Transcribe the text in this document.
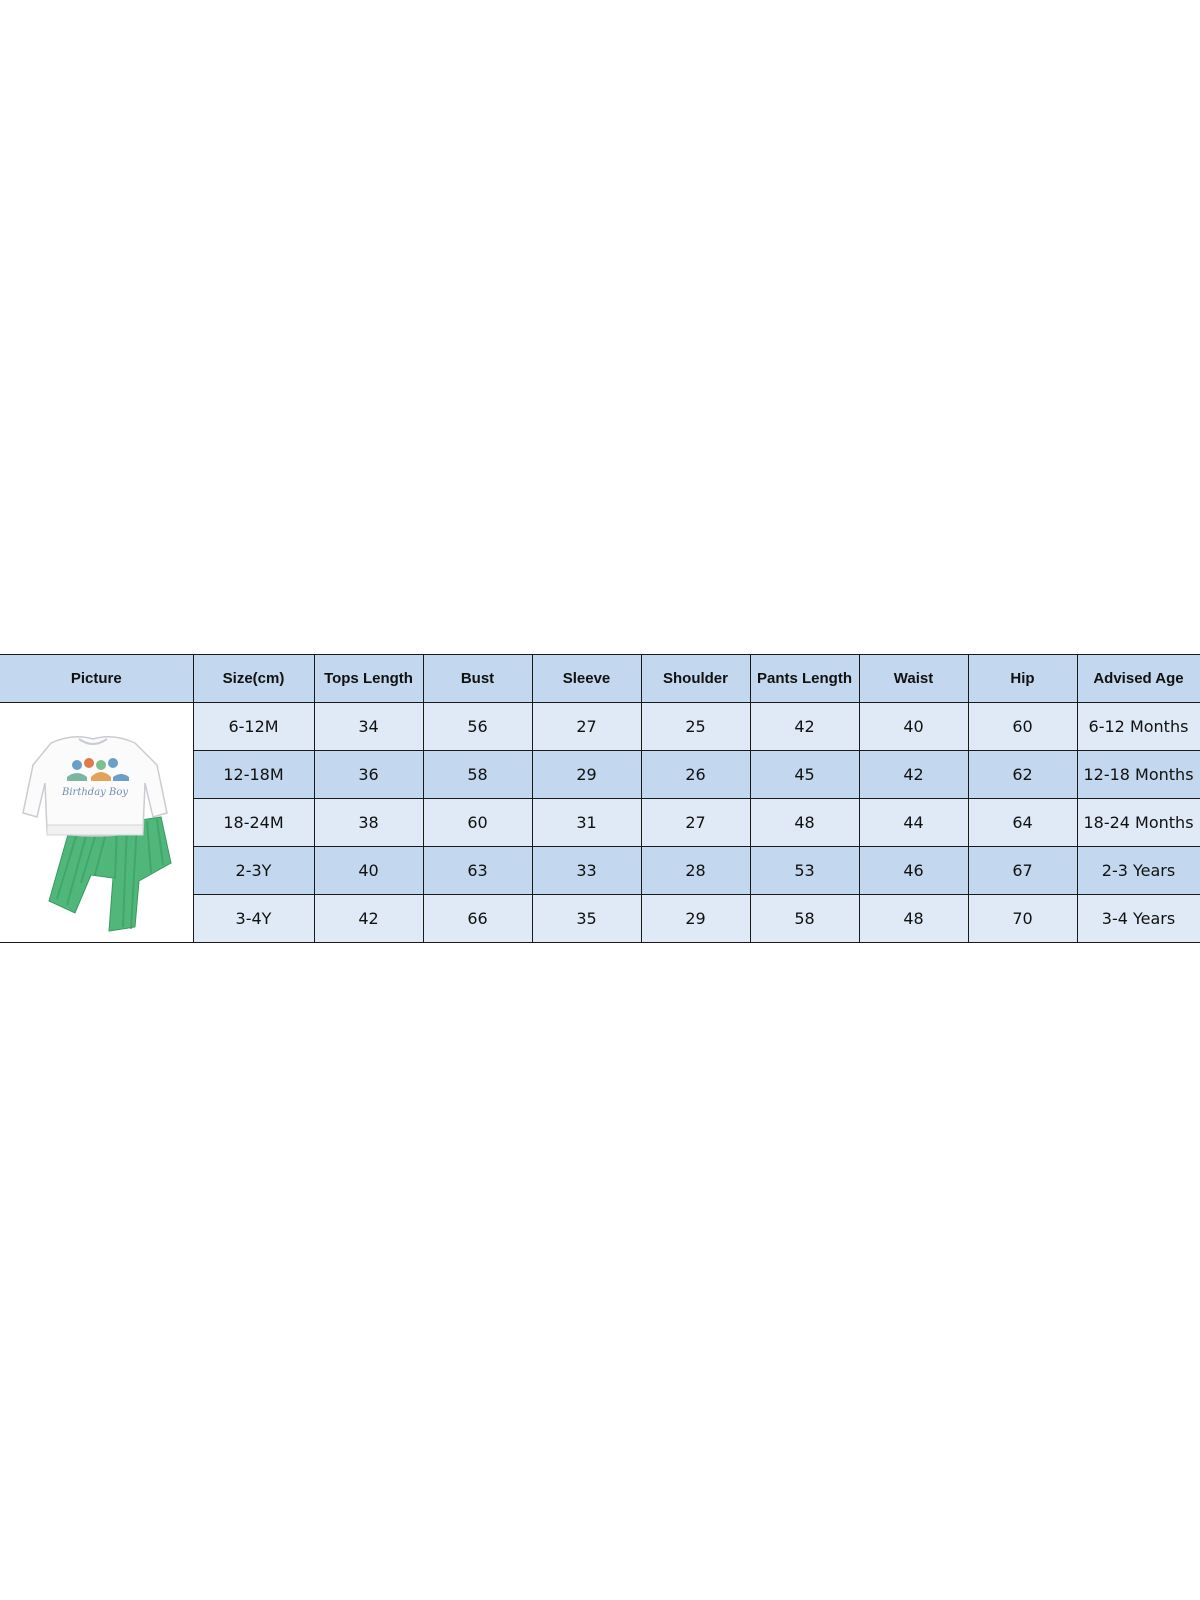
Picture	Size(cm)	Tops Length	Bust	Sleeve	Shoulder	Pants Length	Waist	Hip	Advised Age

Birthday Boy	6-12M	34	56	27	25	42	40	60	6-12 Months
	12-18M	36	58	29	26	45	42	62	12-18 Months
	18-24M	38	60	31	27	48	44	64	18-24 Months
	2-3Y	40	63	33	28	53	46	67	2-3 Years
	3-4Y	42	66	35	29	58	48	70	3-4 Years
